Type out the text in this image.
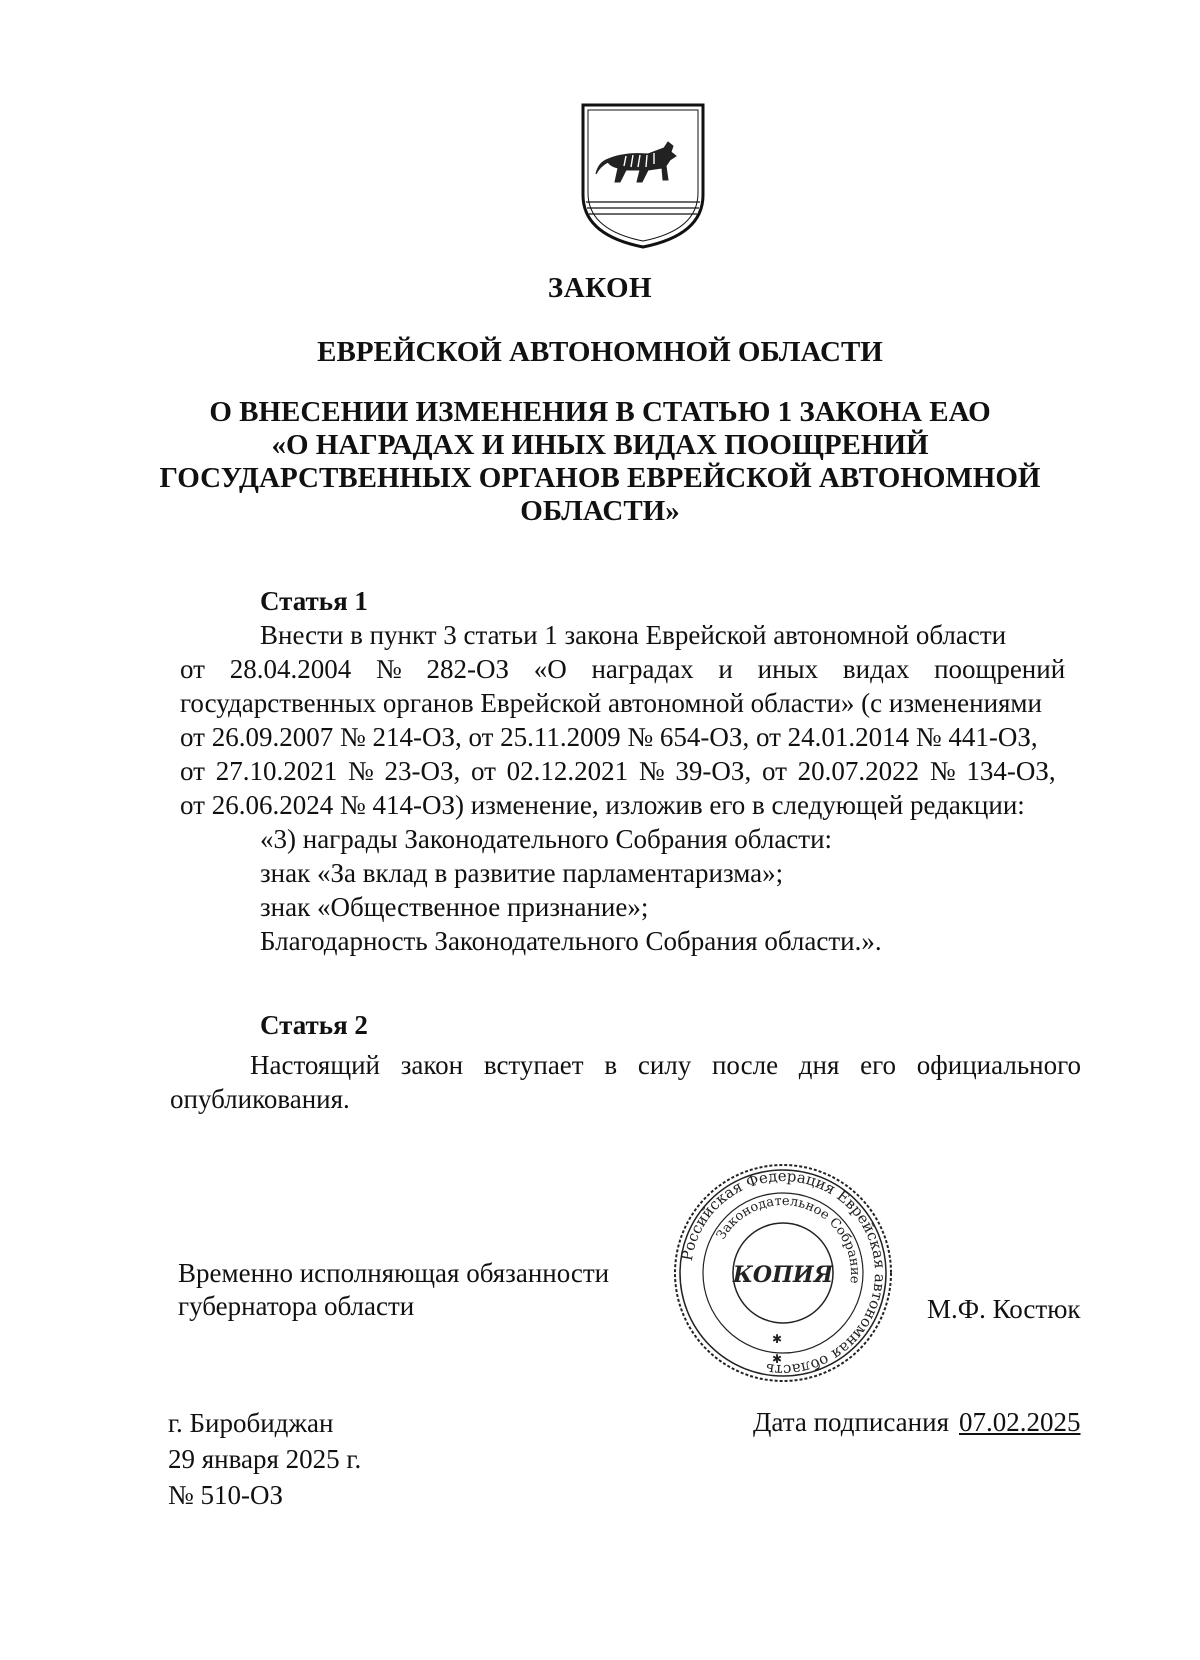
ЗАКОН
ЕВРЕЙСКОЙ АВТОНОМНОЙ ОБЛАСТИ
О ВНЕСЕНИИ ИЗМЕНЕНИЯ В СТАТЬЮ 1 ЗАКОНА ЕАО
«О НАГРАДАХ И ИНЫХ ВИДАХ ПООЩРЕНИЙ
ГОСУДАРСТВЕННЫХ ОРГАНОВ ЕВРЕЙСКОЙ АВТОНОМНОЙ
ОБЛАСТИ»
Статья 1
Внести в пункт 3 статьи 1 закона Еврейской автономной области
от 28.04.2004 № 282-ОЗ «О наградах и иных видах поощрений
государственных органов Еврейской автономной области» (с изменениями
от 26.09.2007 № 214-ОЗ, от 25.11.2009 № 654-ОЗ, от 24.01.2014 № 441-ОЗ,
от 27.10.2021 № 23-ОЗ, от 02.12.2021 № 39-ОЗ, от 20.07.2022 № 134-ОЗ,
от 26.06.2024 № 414-ОЗ) изменение, изложив его в следующей редакции:
«3) награды Законодательного Собрания области:
знак «За вклад в развитие парламентаризма»;
знак «Общественное признание»;
Благодарность Законодательного Собрания области.».
Статья 2
Настоящий закон вступает в силу после дня его официального
опубликования.
Временно исполняющая обязанности
губернатора области
Российская Федерация Еврейская автономная область
Законодательное Собрание
КОПИЯ
✱
✱
М.Ф. Костюк
г. Биробиджан
29 января 2025 г.
№ 510-ОЗ
Дата подписания 07.02.2025
